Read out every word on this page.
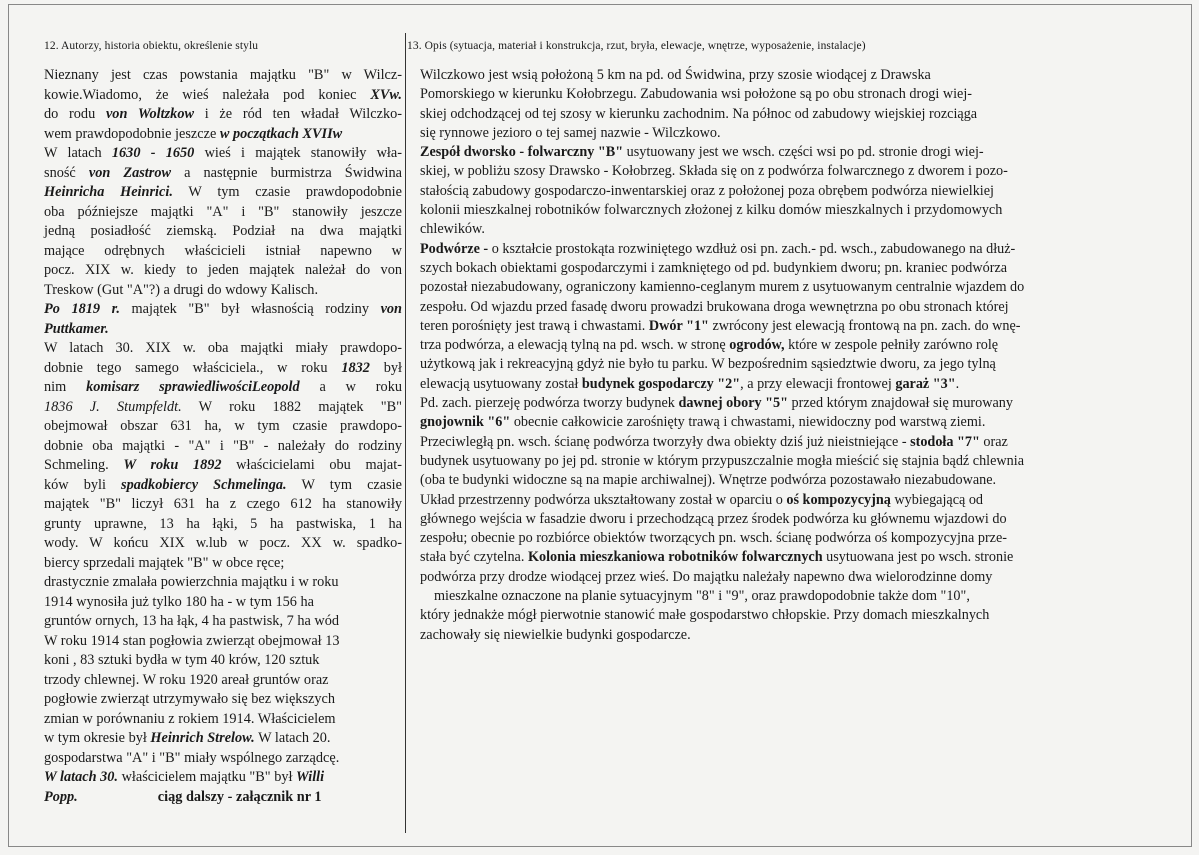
12. Autorzy, historia obiektu, określenie stylu	13. Opis (sytuacja, materiał i konstrukcja, rzut, bryła, elewacje, wnętrze, wyposażenie, instalacje)
Nieznany jest czas powstania majątku "B" w Wilcz-
kowie.Wiadomo, że wieś należała pod koniec XVw.
do rodu von Woltzkow i że ród ten władał Wilczko-
wem prawdopodobnie jeszcze w początkach XVIIw
W latach 1630 - 1650 wieś i majątek stanowiły wła-
sność von Zastrow a następnie burmistrza Świdwina
Heinricha Heinrici. W tym czasie prawdopodobnie
oba późniejsze majątki "A" i "B" stanowiły jeszcze
jedną posiadłość ziemską. Podział na dwa majątki
mające odrębnych właścicieli istniał napewno w
pocz. XIX w. kiedy to jeden majątek należał do von
Treskow (Gut "A"?) a drugi do wdowy Kalisch.
Po 1819 r. majątek "B" był własnością rodziny von
Puttkamer.
W latach 30. XIX w. oba majątki miały prawdopo-
dobnie tego samego właściciela., w roku 1832 był
nim komisarz sprawiedliwościLeopold a w roku
1836 J. Stumpfeldt. W roku 1882 majątek "B"
obejmował obszar 631 ha, w tym czasie prawdopo-
dobnie oba majątki - "A" i "B" - należały do rodziny
Schmeling. W roku 1892 właścicielami obu majat-
ków byli spadkobiercy Schmelinga. W tym czasie
majątek "B" liczył 631 ha z czego 612 ha stanowiły
grunty uprawne, 13 ha łąki, 5 ha pastwiska, 1 ha
wody. W końcu XIX w.lub w pocz. XX w. spadko-
biercy sprzedali majątek "B" w obce ręce;
drastycznie zmalała powierzchnia majątku i w roku
1914 wynosiła już tylko 180 ha - w tym 156 ha
gruntów ornych, 13 ha łąk, 4 ha pastwisk, 7 ha wód
W roku 1914 stan pogłowia zwierząt obejmował 13
koni , 83 sztuki bydła w tym 40 krów, 120 sztuk
trzody chlewnej. W roku 1920 areał gruntów oraz
pogłowie zwierząt utrzymywało się bez większych
zmian w porównaniu z rokiem 1914. Właścicielem
w tym okresie był Heinrich Strelow. W latach 20.
gospodarstwa "A" i "B" miały wspólnego zarządcę.
W latach 30. właścicielem majątku "B" był Willi
Popp.	ciąg dalszy - załącznik nr 1
Wilczkowo jest wsią położoną 5 km na pd. od Świdwina, przy szosie wiodącej z Drawska
Pomorskiego w kierunku Kołobrzegu. Zabudowania wsi położone są po obu stronach drogi wiej-
skiej odchodzącej od tej szosy w kierunku zachodnim. Na północ od zabudowy wiejskiej rozciąga
się rynnowe jezioro o tej samej nazwie - Wilczkowo.
Zespół dworsko - folwarczny "B" usytuowany jest we wsch. części wsi po pd. stronie drogi wiej-
skiej, w pobliżu szosy Drawsko - Kołobrzeg. Składa się on z podwórza folwarcznego z dworem i pozo-
stałością zabudowy gospodarczo-inwentarskiej oraz z położonej poza obrębem podwórza niewielkiej
kolonii mieszkalnej robotników folwarcznych złożonej z kilku domów mieszkalnych i przydomowych
chlewików.
Podwórze - o kształcie prostokąta rozwiniętego wzdłuż osi pn. zach.- pd. wsch., zabudowanego na dłuż-
szych bokach obiektami gospodarczymi i zamkniętego od pd. budynkiem dworu; pn. kraniec podwórza
pozostał niezabudowany, ograniczony kamienno-ceglanym murem z usytuowanym centralnie wjazdem do
zespołu. Od wjazdu przed fasadę dworu prowadzi brukowana droga wewnętrzna po obu stronach której
teren porośnięty jest trawą i chwastami. Dwór "1" zwrócony jest elewacją frontową na pn. zach. do wnę-
trza podwórza, a elewacją tylną na pd. wsch. w stronę ogrodów, które w zespole pełniły zarówno rolę
użytkową jak i rekreacyjną gdyż nie było tu parku. W bezpośrednim sąsiedztwie dworu, za jego tylną
elewacją usytuowany został budynek gospodarczy "2", a przy elewacji frontowej garaż "3".
Pd. zach. pierzeję podwórza tworzy budynek dawnej obory "5" przed którym znajdował się murowany
gnojownik "6" obecnie całkowicie zarośnięty trawą i chwastami, niewidoczny pod warstwą ziemi.
Przeciwległą pn. wsch. ścianę podwórza tworzyły dwa obiekty dziś już nieistniejące - stodoła "7" oraz
budynek usytuowany po jej pd. stronie w którym przypuszczalnie mogła mieścić się stajnia bądź chlewnia
(oba te budynki widoczne są na mapie archiwalnej). Wnętrze podwórza pozostawało niezabudowane.
Układ przestrzenny podwórza ukształtowany został w oparciu o oś kompozycyjną wybiegającą od
głównego wejścia w fasadzie dworu i przechodzącą przez środek podwórza ku głównemu wjazdowi do
zespołu; obecnie po rozbiórce obiektów tworzących pn. wsch. ścianę podwórza oś kompozycyjna prze-
stała być czytelna. Kolonia mieszkaniowa robotników folwarcznych usytuowana jest po wsch. stronie
podwórza przy drodze wiodącej przez wieś. Do majątku należały napewno dwa wielorodzinne domy
mieszkalne oznaczone na planie sytuacyjnym "8" i "9", oraz prawdopodobnie także dom "10",
który jednakże mógł pierwotnie stanowić małe gospodarstwo chłopskie. Przy domach mieszkalnych
zachowały się niewielkie budynki gospodarcze.
